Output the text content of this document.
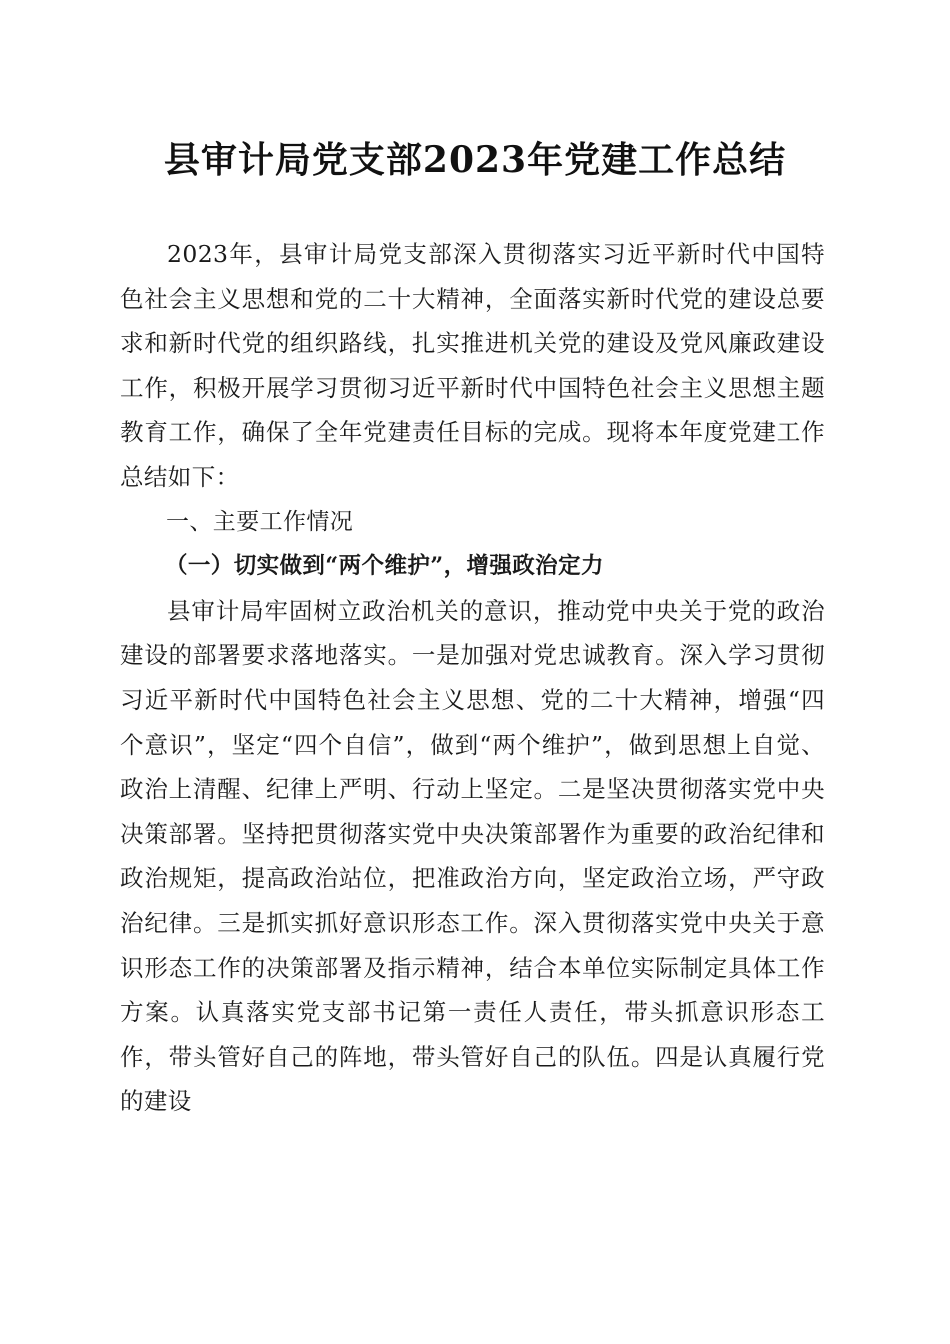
县审计局党支部2023年党建工作总结

2023年，县审计局党支部深入贯彻落实习近平新时代中国特色社会主义思想和党的二十大精神，全面落实新时代党的建设总要求和新时代党的组织路线，扎实推进机关党的建设及党风廉政建设工作，积极开展学习贯彻习近平新时代中国特色社会主义思想主题教育工作，确保了全年党建责任目标的完成。现将本年度党建工作总结如下：

一、主要工作情况

（一）切实做到“两个维护”，增强政治定力

县审计局牢固树立政治机关的意识，推动党中央关于党的政治建设的部署要求落地落实。一是加强对党忠诚教育。深入学习贯彻习近平新时代中国特色社会主义思想、党的二十大精神，增强“四个意识”，坚定“四个自信”，做到“两个维护”，做到思想上自觉、政治上清醒、纪律上严明、行动上坚定。二是坚决贯彻落实党中央决策部署。坚持把贯彻落实党中央决策部署作为重要的政治纪律和政治规矩，提高政治站位，把准政治方向，坚定政治立场，严守政治纪律。三是抓实抓好意识形态工作。深入贯彻落实党中央关于意识形态工作的决策部署及指示精神，结合本单位实际制定具体工作方案。认真落实党支部书记第一责任人责任，带头抓意识形态工作，带头管好自己的阵地，带头管好自己的队伍。四是认真履行党的建设
